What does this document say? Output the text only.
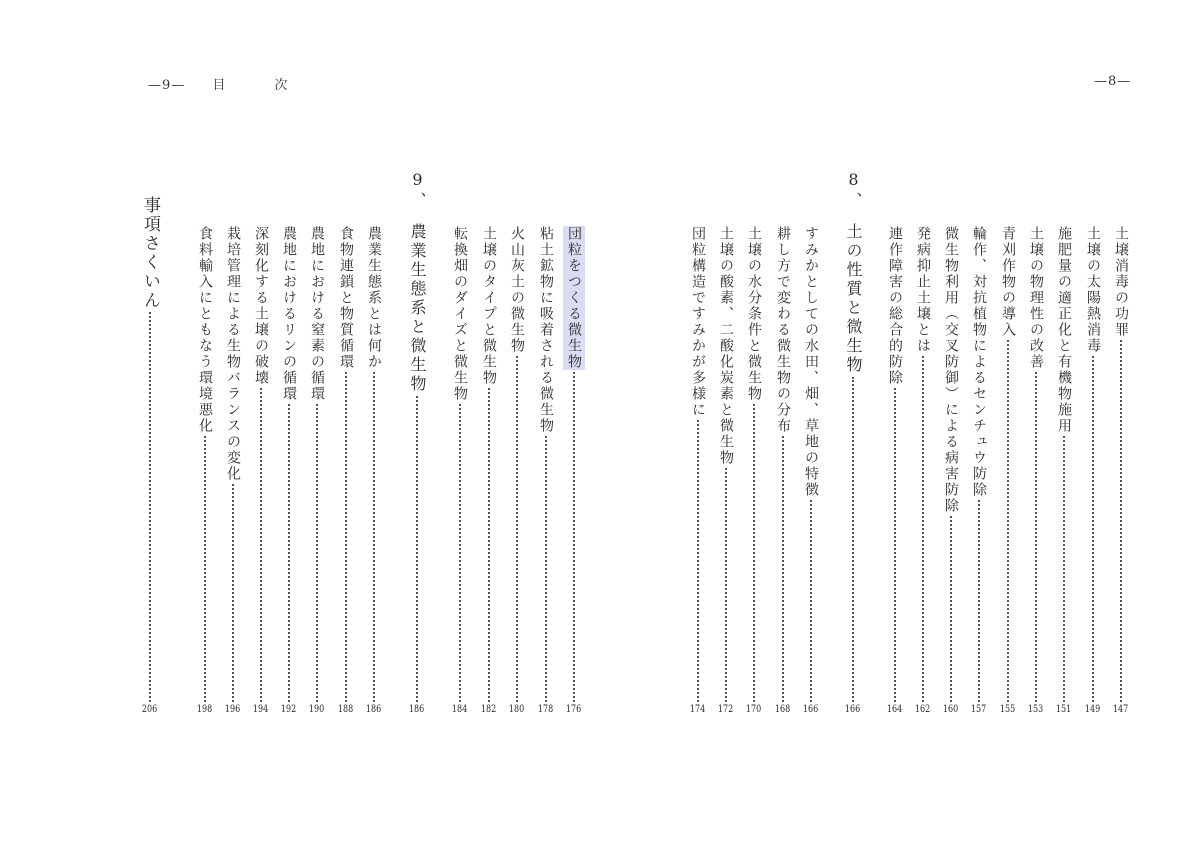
—9— 目　次
団粒をつくる微生物
176
粘土鉱物に吸着される微生物
178
火山灰土の微生物
180
土壌のタイプと微生物
182
転換畑のダイズと微生物
184
9、
農業生態系と微生物
186
農業生態系とは何か
186
食物連鎖と物質循環
188
農地における窒素の循環
190
農地におけるリンの循環
192
深刻化する土壌の破壊
194
栽培管理による生物バランスの変化
196
食料輸入にともなう環境悪化
198
事項さくいん
206
—8—
土壌消毒の功罪
147
土壌の太陽熱消毒
149
施肥量の適正化と有機物施用
151
土壌の物理性の改善
153
青刈作物の導入
155
輪作、対抗植物によるセンチュウ防除
157
微生物利用（交叉防御）による病害防除
160
発病抑止土壌とは
162
連作障害の総合的防除
164
8、
土の性質と微生物
166
すみかとしての水田、畑、草地の特徴
166
耕し方で変わる微生物の分布
168
土壌の水分条件と微生物
170
土壌の酸素、二酸化炭素と微生物
172
団粒構造ですみかが多様に
174
